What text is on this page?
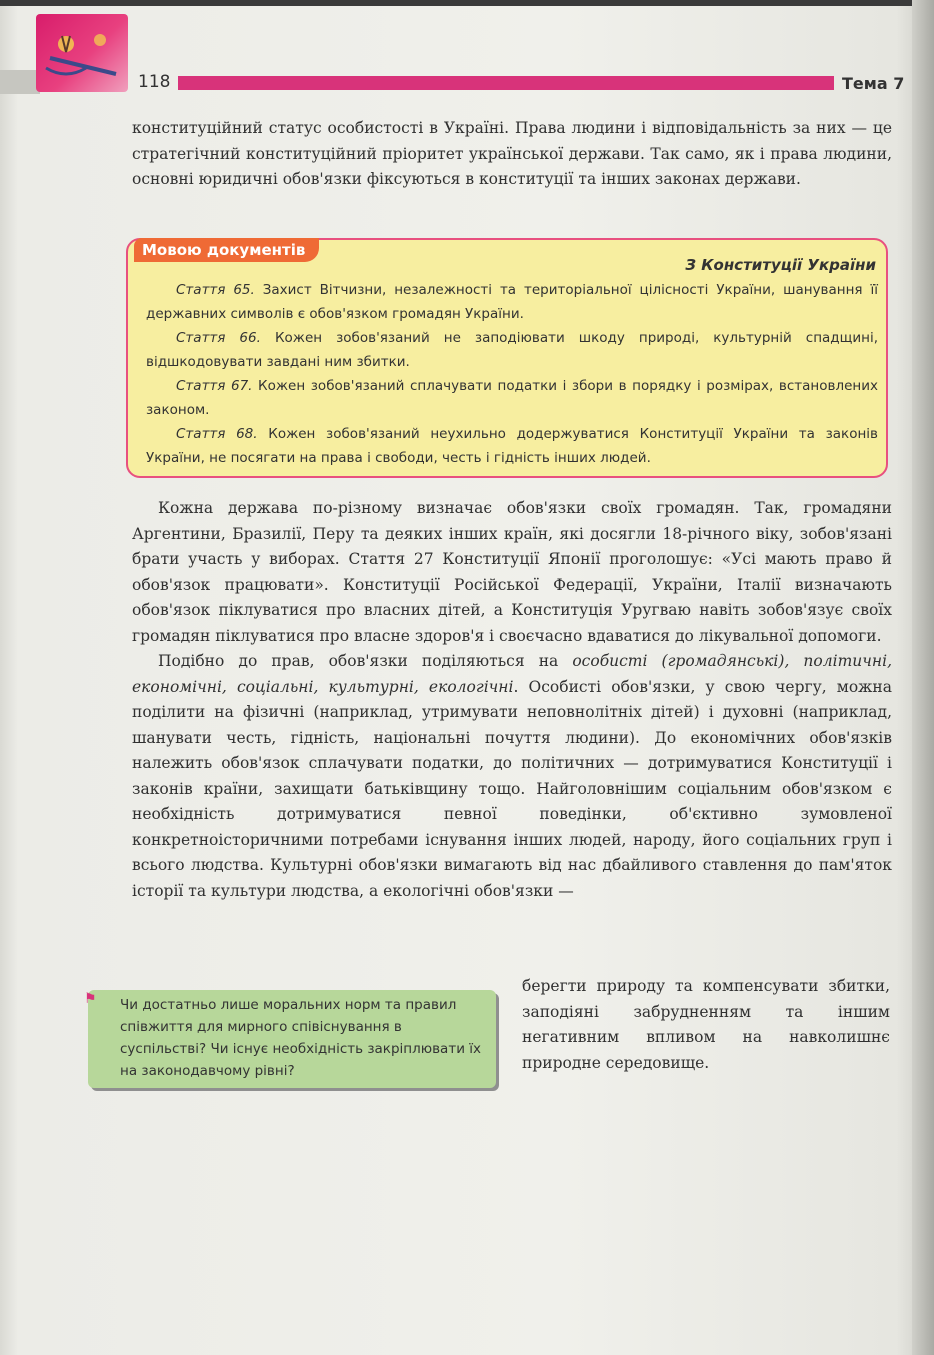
118	Тема 7

конституційний статус особистості в Україні. Права людини і відповідальність за них — це стратегічний конституційний пріоритет української держави. Так само, як і права людини, основні юридичні обов'язки фіксуються в конституції та інших законах держави.

Мовою документів
З Конституції України

Стаття 65. Захист Вітчизни, незалежності та територіальної цілісності України, шанування її державних символів є обов'язком громадян України.

Стаття 66. Кожен зобов'язаний не заподіювати шкоду природі, культурній спадщині, відшкодовувати завдані ним збитки.

Стаття 67. Кожен зобов'язаний сплачувати податки і збори в порядку і розмірах, встановлених законом.

Стаття 68. Кожен зобов'язаний неухильно додержуватися Конституції України та законів України, не посягати на права і свободи, честь і гідність інших людей.

Кожна держава по-різному визначає обов'язки своїх громадян. Так, громадяни Аргентини, Бразилії, Перу та деяких інших країн, які досягли 18-річного віку, зобов'язані брати участь у виборах. Стаття 27 Конституції Японії проголошує: «Усі мають право й обов'язок працювати». Конституції Російської Федерації, України, Італії визначають обов'язок піклуватися про власних дітей, а Конституція Уругваю навіть зобов'язує своїх громадян піклуватися про власне здоров'я і своєчасно вдаватися до лікувальної допомоги.

Подібно до прав, обов'язки поділяються на особисті (громадянські), політичні, економічні, соціальні, культурні, екологічні. Особисті обов'язки, у свою чергу, можна поділити на фізичні (наприклад, утримувати неповнолітніх дітей) і духовні (наприклад, шанувати честь, гідність, національні почуття людини). До економічних обов'язків належить обов'язок сплачувати податки, до політичних — дотримуватися Конституції і законів країни, захищати батьківщину тощо. Найголовнішим соціальним обов'язком є необхідність дотримуватися певної поведінки, об'єктивно зумовленої конкретноісторичними потребами існування інших людей, народу, його соціальних груп і всього людства. Культурні обов'язки вимагають від нас дбайливого ставлення до пам'яток історії та культури людства, а екологічні обов'язки —

⚑ Чи достатньо лише моральних норм та правил співжиття для мирного співіснування в суспільстві? Чи існує необхідність закріплювати їх на законодавчому рівні?
берегти природу та компенсувати збитки, заподіяні забрудненням та іншим негативним впливом на навколишнє природне середовище.
